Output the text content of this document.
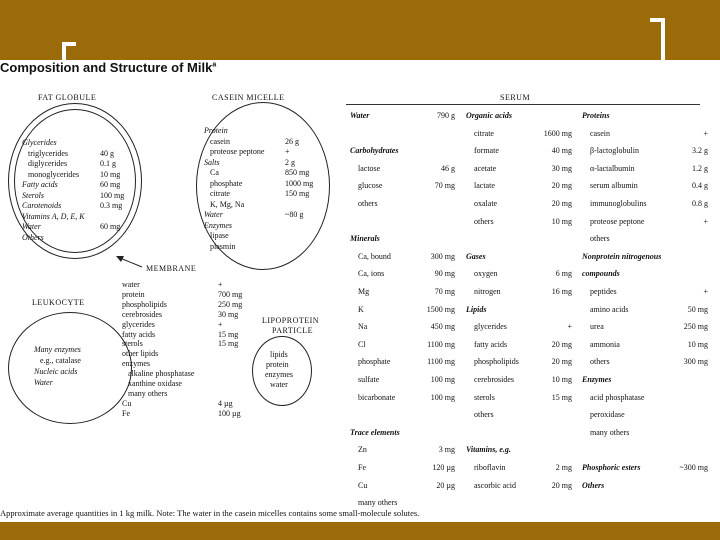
Composition and Structure of Milk$^a$
FAT GLOBULE
Glycerides
triglycerides	40 g
diglycerides	0.1 g
monoglycerides	10 mg
Fatty acids	60 mg
Sterols	100 mg
Carotenoids	0.3 mg
Vitamins A, D, E, K
Water	60 mg
Others
CASEIN MICELLE
Protein
casein	26 g
proteose peptone	+
Salts	2 g
Ca	850 mg
phosphate	1000 mg
citrate	150 mg
K, Mg, Na
Water	~80 g
Enzymes
lipase
plasmin
MEMBRANE
water	+
protein	700 mg
phospholipids	250 mg
cerebrosides	30 mg
glycerides	+
fatty acids	15 mg
sterols	15 mg
other lipids
enzymes
alkaline phosphatase
xanthine oxidase
many others
Cu	4 µg
Fe	100 µg
LEUKOCYTE
Many enzymes
e.g., catalase
Nucleic acids
Water
LIPOPROTEIN
PARTICLE
lipids
protein
enzymes
water
SERUM
Water	790 g
Carbohydrates
lactose	46 g
glucose	70 mg
others
Minerals
Ca, bound	300 mg
Ca, ions	90 mg
Mg	70 mg
K	1500 mg
Na	450 mg
Cl	1100 mg
phosphate	1100 mg
sulfate	100 mg
bicarbonate	100 mg
Trace elements
Zn	3 mg
Fe	120 µg
Cu	20 µg
many others
Organic acids
citrate	1600 mg
formate	40 mg
acetate	30 mg
lactate	20 mg
oxalate	20 mg
others	10 mg
Gases
oxygen	6 mg
nitrogen	16 mg
Lipids
glycerides	+
fatty acids	20 mg
phospholipids	20 mg
cerebrosides	10 mg
sterols	15 mg
others
Vitamins, e.g.
riboflavin	2 mg
ascorbic acid	20 mg
Proteins
casein	+
β-lactoglobulin	3.2 g
α-lactalbumin	1.2 g
serum albumin	0.4 g
immunoglobulins	0.8 g
proteose peptone	+
others
Nonprotein nitrogenous
compounds
peptides	+
amino acids	50 mg
urea	250 mg
ammonia	10 mg
others	300 mg
Enzymes
acid phosphatase
peroxidase
many others
Phosphoric esters	~300 mg
Others
Approximate average quantities in 1 kg milk. Note: The water in the casein micelles contains some small-molecule solutes.
